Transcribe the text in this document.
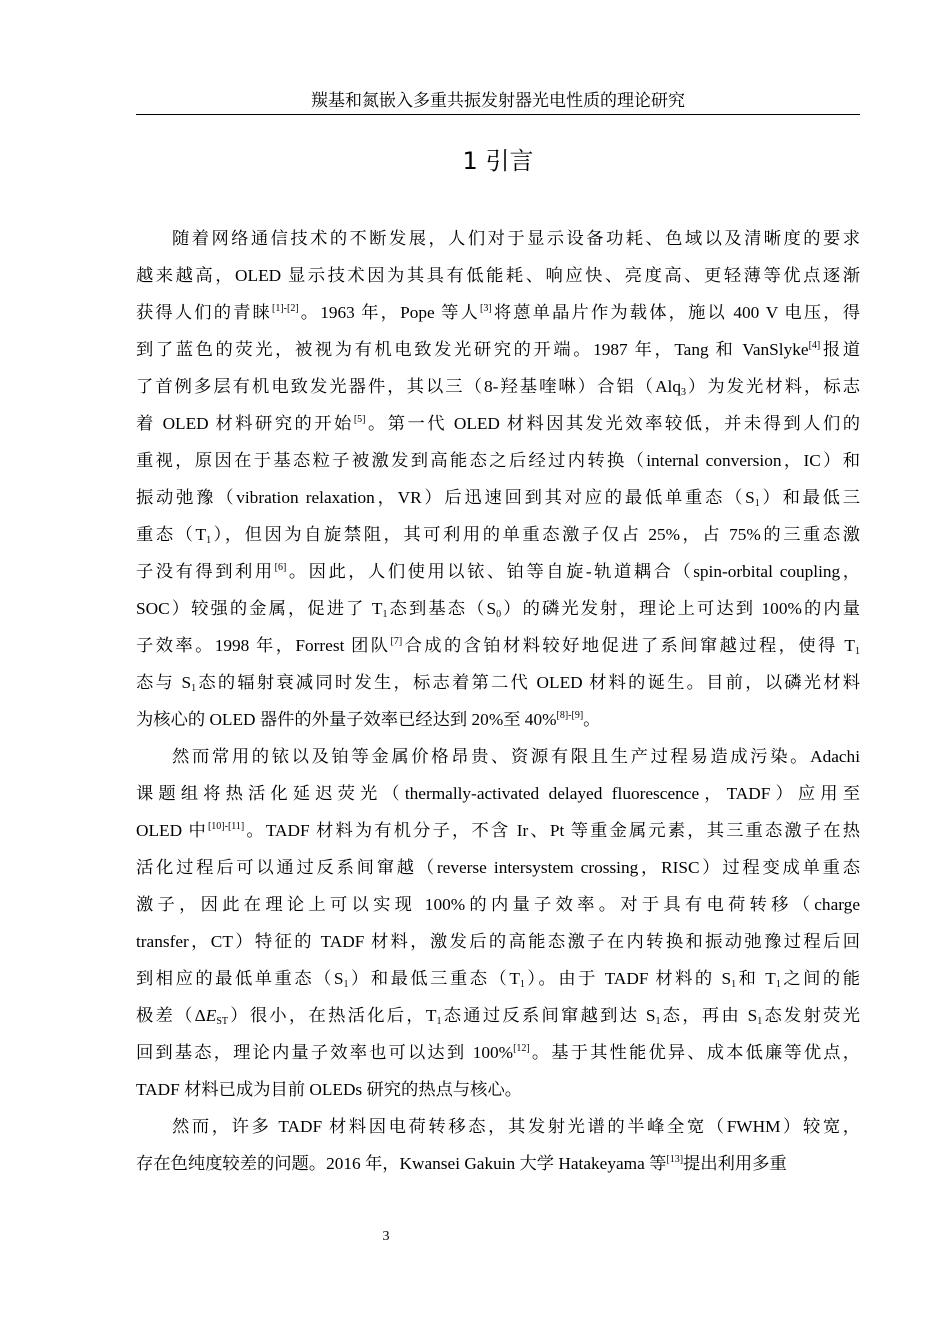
羰基和氮嵌入多重共振发射器光电性质的理论研究
1 引言
随着网络通信技术的不断发展，人们对于显示设备功耗、色域以及清晰度的要求
越来越高，OLED 显示技术因为其具有低能耗、响应快、亮度高、更轻薄等优点逐渐
获得人们的青睐[1]-[2]。1963 年，Pope 等人[3]将蒽单晶片作为载体，施以 400 V 电压，得
到了蓝色的荧光，被视为有机电致发光研究的开端。1987 年，Tang 和 VanSlyke[4]报道
了首例多层有机电致发光器件，其以三（8-羟基喹啉）合铝（Alq$_3$）为发光材料，标志
着 OLED 材料研究的开始[5]。第一代 OLED 材料因其发光效率较低，并未得到人们的
重视，原因在于基态粒子被激发到高能态之后经过内转换（internal conversion，IC）和
振动弛豫（vibration relaxation，VR）后迅速回到其对应的最低单重态$(S_1)$和最低三
重态$(T_1)$，但因为自旋禁阻，其可利用的单重态激子仅占 25%，占 75%的三重态激
子没有得到利用[6]。因此，人们使用以铱、铂等自旋-轨道耦合（spin-orbital coupling，
SOC）较强的金属，促进了 $T_1$态到基态$(S_0)$的磷光发射，理论上可达到 100%的内量
子效率。1998 年，Forrest 团队[7]合成的含铂材料较好地促进了系间窜越过程，使得 $T_1$
态与 $S_1$态的辐射衰减同时发生，标志着第二代 OLED 材料的诞生。目前，以磷光材料
为核心的 OLED 器件的外量子效率已经达到 20%至 40%[8]-[9]。
然而常用的铱以及铂等金属价格昂贵、资源有限且生产过程易造成污染。Adachi
课题组将热活化延迟荧光（thermally-activated delayed fluorescence，TADF）应用至
OLED 中[10]-[11]。TADF 材料为有机分子，不含 Ir、Pt 等重金属元素，其三重态激子在热
活化过程后可以通过反系间窜越（reverse intersystem crossing，RISC）过程变成单重态
激子，因此在理论上可以实现 100%的内量子效率。对于具有电荷转移（charge
transfer，CT）特征的 TADF 材料，激发后的高能态激子在内转换和振动弛豫过程后回
到相应的最低单重态$(S_1)$和最低三重态$(T_1)$。由于 TADF 材料的 $S_1$和 $T_1$之间的能
极差$(\Delta E_{ST})$很小，在热活化后，$T_1$态通过反系间窜越到达 $S_1$态，再由 $S_1$态发射荧光
回到基态，理论内量子效率也可以达到 100%[12]。基于其性能优异、成本低廉等优点，
TADF 材料已成为目前 OLEDs 研究的热点与核心。
然而，许多 TADF 材料因电荷转移态，其发射光谱的半峰全宽（FWHM）较宽，
存在色纯度较差的问题。2016 年，Kwansei Gakuin 大学 Hatakeyama 等[13]提出利用多重
3
